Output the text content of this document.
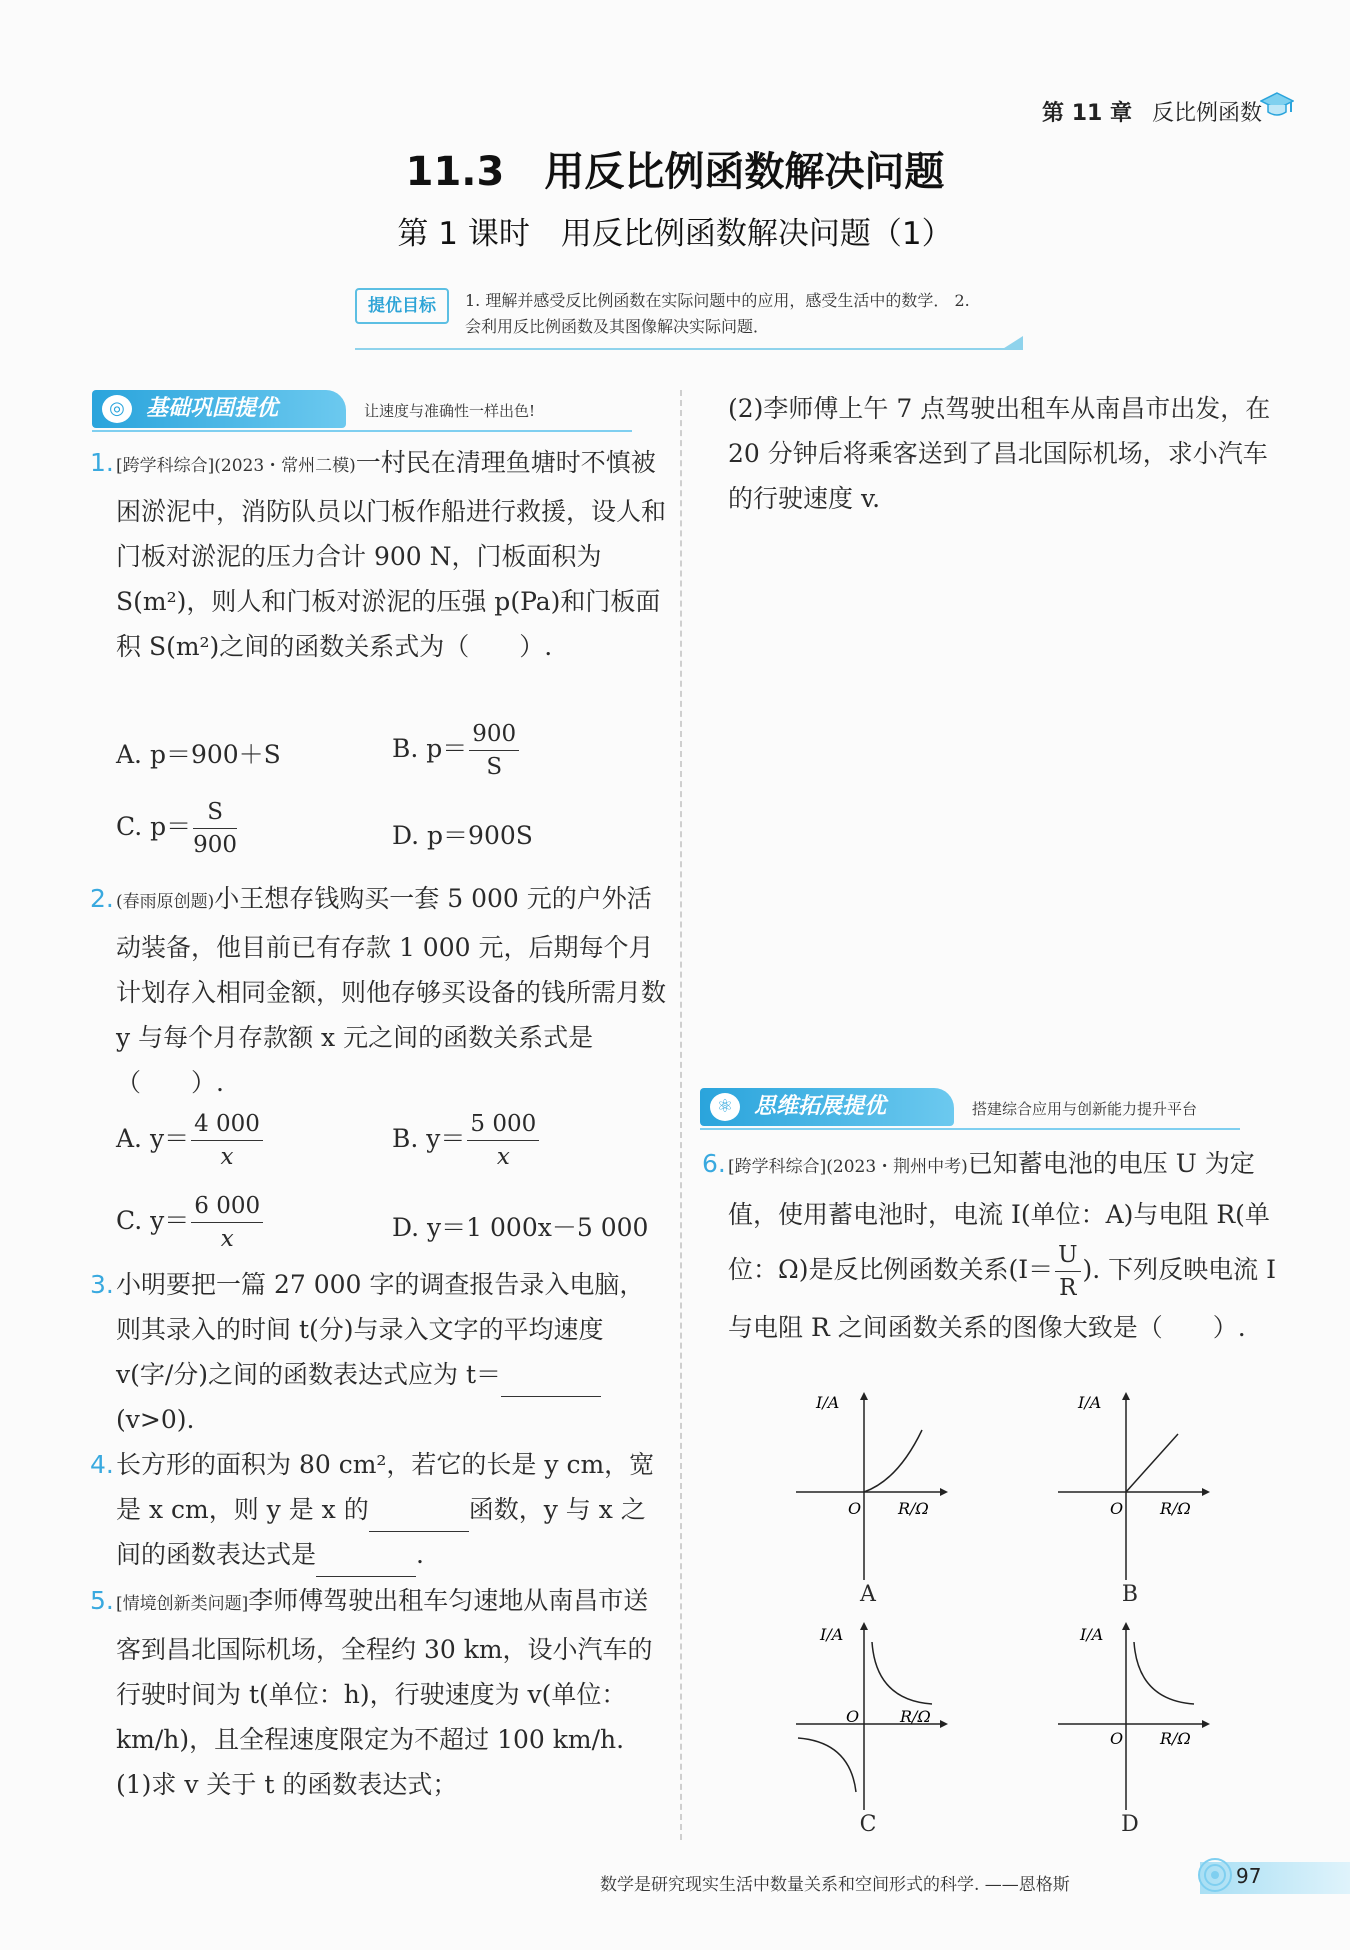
第 11 章 反比例函数
11.3　用反比例函数解决问题
第 1 课时　用反比例函数解决问题（1）
提优目标	1. 理解并感受反比例函数在实际问题中的应用，感受生活中的数学． 2. 会利用反比例函数及其图像解决实际问题．
◎ 基础巩固提优	让速度与准确性一样出色!
1. [跨学科综合](2023・常州二模)一村民在清理鱼塘时不慎被困淤泥中，消防队员以门板作船进行救援，设人和门板对淤泥的压力合计 900 N，门板面积为 S(m²)，则人和门板对淤泥的压强 p(Pa)和门板面积 S(m²)之间的函数关系式为（　　）.
A. p＝900＋S	B. $p= \frac{900}{S}$
C. $p= \frac{S}{900}$	D. p＝900S
2. (春雨原创题)小王想存钱购买一套 5 000 元的户外活动装备，他目前已有存款 1 000 元，后期每个月计划存入相同金额，则他存够买设备的钱所需月数 y 与每个月存款额 x 元之间的函数关系式是（　　）.
A. $y= \frac{4 000}{x}$	B. $y= \frac{5 000}{x}$
C. $y= \frac{6 000}{x}$	D. y＝1 000x－5 000
3. 小明要把一篇 27 000 字的调查报告录入电脑，则其录入的时间 t(分)与录入文字的平均速度 v(字/分)之间的函数表达式应为 t＝ (v>0).
4. 长方形的面积为 80 cm²，若它的长是 y cm，宽是 x cm，则 y 是 x 的	函数，y 与 x 之间的函数表达式是	.
5. [情境创新类问题]李师傅驾驶出租车匀速地从南昌市送客到昌北国际机场，全程约 30 km，设小汽车的行驶时间为 t(单位：h)，行驶速度为 v(单位：km/h)，且全程速度限定为不超过 100 km/h.
(1)求 v 关于 t 的函数表达式；
(2)李师傅上午 7 点驾驶出租车从南昌市出发，在 20 分钟后将乘客送到了昌北国际机场，求小汽车的行驶速度 v.
⚛ 思维拓展提优	搭建综合应用与创新能力提升平台
6. [跨学科综合](2023・荆州中考)已知蓄电池的电压 U 为定值，使用蓄电池时，电流 I(单位：A)与电阻 R(单位：Ω)是反比例函数关系($I= \frac{U}{R}$ ). 下列反映电流 I 与电阻 R 之间函数关系的图像大致是（　　）.
I/A
O R/Ω
A
I/A
O R/Ω
B
I/A
O	R/Ω
C
I/A
O R/Ω
D
数学是研究现实生活中数量关系和空间形式的科学. ——恩格斯	97
